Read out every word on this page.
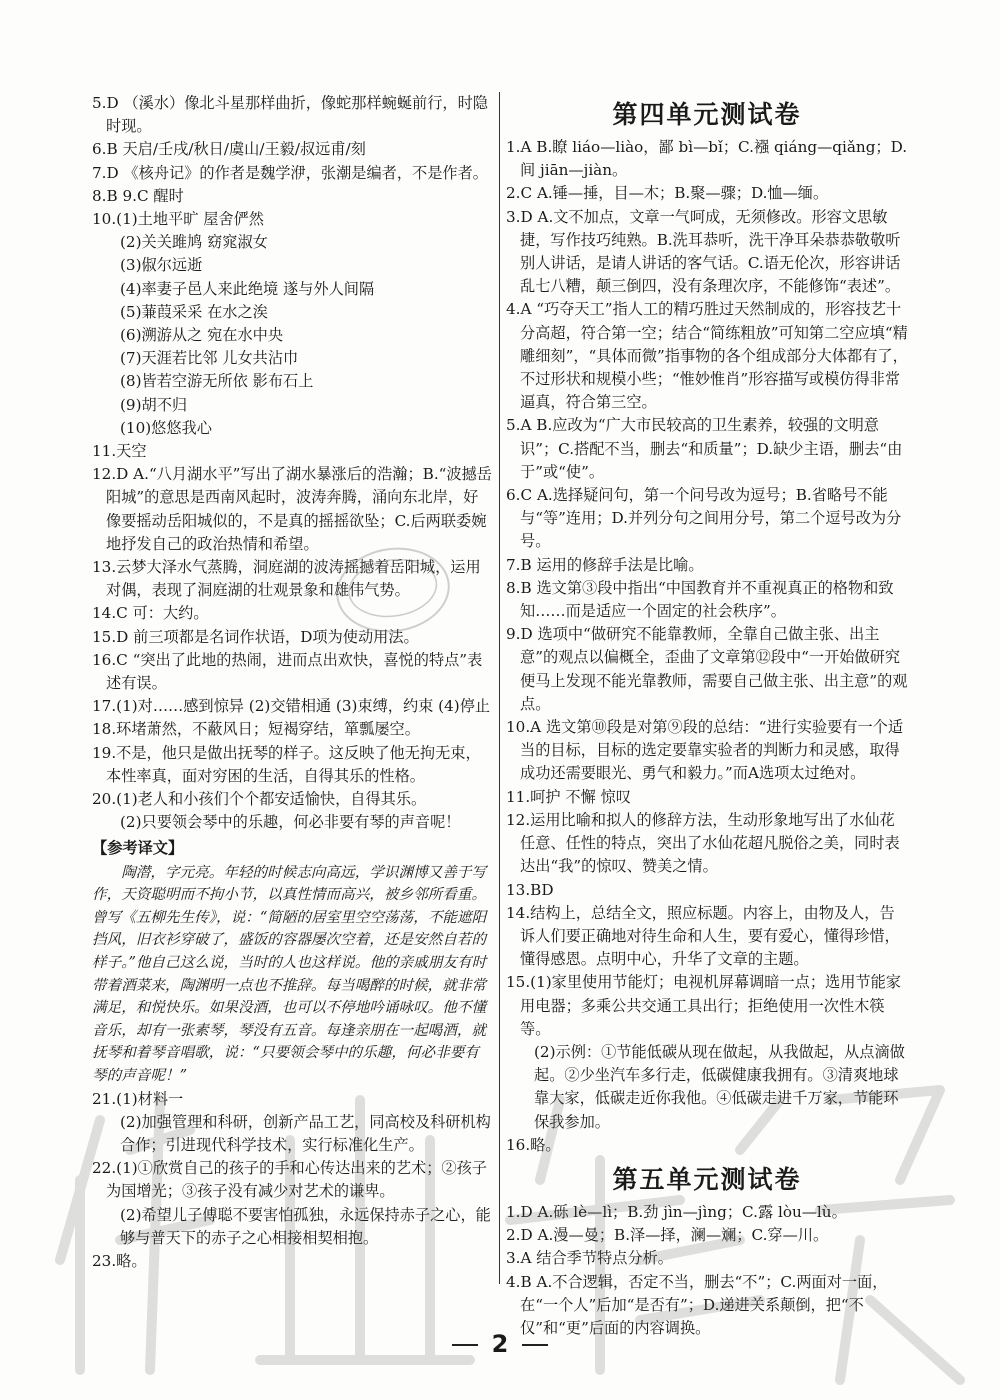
5.D （溪水）像北斗星那样曲折，像蛇那样蜿蜒前行，时隐时现。

6.B 天启/壬戌/秋日/虞山/王毅/叔远甫/刻

7.D 《核舟记》的作者是魏学洢，张潮是编者，不是作者。

8.B 9.C 醒时

10.(1)土地平旷 屋舍俨然

(2)关关雎鸠 窈窕淑女

(3)俶尔远逝

(4)率妻子邑人来此绝境 遂与外人间隔

(5)蒹葭采采 在水之涘

(6)溯游从之 宛在水中央

(7)天涯若比邻 儿女共沾巾

(8)皆若空游无所依 影布石上

(9)胡不归

(10)悠悠我心

11.天空

12.D A.“八月湖水平”写出了湖水暴涨后的浩瀚；B.“波撼岳阳城”的意思是西南风起时，波涛奔腾，涌向东北岸，好像要摇动岳阳城似的，不是真的摇摇欲坠；C.后两联委婉地抒发自己的政治热情和希望。

13.云梦大泽水气蒸腾，洞庭湖的波涛摇撼着岳阳城，运用对偶，表现了洞庭湖的壮观景象和雄伟气势。

14.C 可：大约。

15.D 前三项都是名词作状语，D项为使动用法。

16.C “突出了此地的热闹，进而点出欢快，喜悦的特点”表述有误。

17.(1)对……感到惊异 (2)交错相通 (3)束缚，约束 (4)停止

18.环堵萧然，不蔽风日；短褐穿结，箪瓢屡空。

19.不是，他只是做出抚琴的样子。这反映了他无拘无束，本性率真，面对穷困的生活，自得其乐的性格。

20.(1)老人和小孩们个个都安适愉快，自得其乐。

(2)只要领会琴中的乐趣，何必非要有琴的声音呢！

【参考译文】

陶潜，字元亮。年轻的时候志向高远，学识渊博又善于写作，天资聪明而不拘小节，以真性情而高兴，被乡邻所看重。曾写《五柳先生传》，说：“简陋的居室里空空荡荡，不能遮阳挡风，旧衣衫穿破了，盛饭的容器屡次空着，还是安然自若的样子。”他自己这么说，当时的人也这样说。他的亲戚朋友有时带着酒菜来，陶渊明一点也不推辞。每当喝醉的时候，就非常满足，和悦快乐。如果没酒，也可以不停地吟诵咏叹。他不懂音乐，却有一张素琴，琴没有五音。每逢亲朋在一起喝酒，就抚琴和着琴音唱歌，说：“只要领会琴中的乐趣，何必非要有琴的声音呢！”

21.(1)材料一

(2)加强管理和科研，创新产品工艺，同高校及科研机构合作；引进现代科学技术，实行标准化生产。

22.(1)①欣赏自己的孩子的手和心传达出来的艺术；②孩子为国增光；③孩子没有减少对艺术的谦卑。

(2)希望儿子傅聪不要害怕孤独，永远保持赤子之心，能够与普天下的赤子之心相接相契相抱。

23.略。

第四单元测试卷

1.A B.瞭 liáo—liào，鄙 bì—bǐ；C.襁 qiáng—qiǎng；D.间 jiān—jiàn。

2.C A.锤—捶，目—木；B.聚—骤；D.恤—缅。

3.D A.文不加点，文章一气呵成，无须修改。形容文思敏捷，写作技巧纯熟。B.洗耳恭听，洗干净耳朵恭恭敬敬听别人讲话，是请人讲话的客气话。C.语无伦次，形容讲话乱七八糟，颠三倒四，没有条理次序，不能修饰“表述”。

4.A “巧夺天工”指人工的精巧胜过天然制成的，形容技艺十分高超，符合第一空；结合“简练粗放”可知第二空应填“精雕细刻”，“具体而微”指事物的各个组成部分大体都有了，不过形状和规模小些；“惟妙惟肖”形容描写或模仿得非常逼真，符合第三空。

5.A B.应改为“广大市民较高的卫生素养，较强的文明意识”；C.搭配不当，删去“和质量”；D.缺少主语，删去“由于”或“使”。

6.C A.选择疑问句，第一个问号改为逗号；B.省略号不能与“等”连用；D.并列分句之间用分号，第二个逗号改为分号。

7.B 运用的修辞手法是比喻。

8.B 选文第③段中指出“中国教育并不重视真正的格物和致知……而是适应一个固定的社会秩序”。

9.D 选项中“做研究不能靠教师，全靠自己做主张、出主意”的观点以偏概全，歪曲了文章第⑫段中“一开始做研究便马上发现不能光靠教师，需要自己做主张、出主意”的观点。

10.A 选文第⑩段是对第⑨段的总结：“进行实验要有一个适当的目标，目标的选定要靠实验者的判断力和灵感，取得成功还需要眼光、勇气和毅力。”而A选项太过绝对。

11.呵护 不懈 惊叹

12.运用比喻和拟人的修辞方法，生动形象地写出了水仙花任意、任性的特点，突出了水仙花超凡脱俗之美，同时表达出“我”的惊叹、赞美之情。

13.BD

14.结构上，总结全文，照应标题。内容上，由物及人，告诉人们要正确地对待生命和人生，要有爱心，懂得珍惜，懂得感恩。点明中心，升华了文章的主题。

15.(1)家里使用节能灯；电视机屏幕调暗一点；选用节能家用电器；多乘公共交通工具出行；拒绝使用一次性木筷等。

(2)示例：①节能低碳从现在做起，从我做起，从点滴做起。②少坐汽车多行走，低碳健康我拥有。③清爽地球靠大家，低碳走近你我他。④低碳走进千万家，节能环保我参加。

16.略。

第五单元测试卷

1.D A.砾 lè—lì；B.劲 jìn—jìng；C.露 lòu—lù。

2.D A.漫—曼；B.泽—择，澜—斓；C.穿—川。

3.A 结合季节特点分析。

4.B A.不合逻辑，否定不当，删去“不”；C.两面对一面，在“一个人”后加“是否有”；D.递进关系颠倒，把“不仅”和“更”后面的内容调换。

2
